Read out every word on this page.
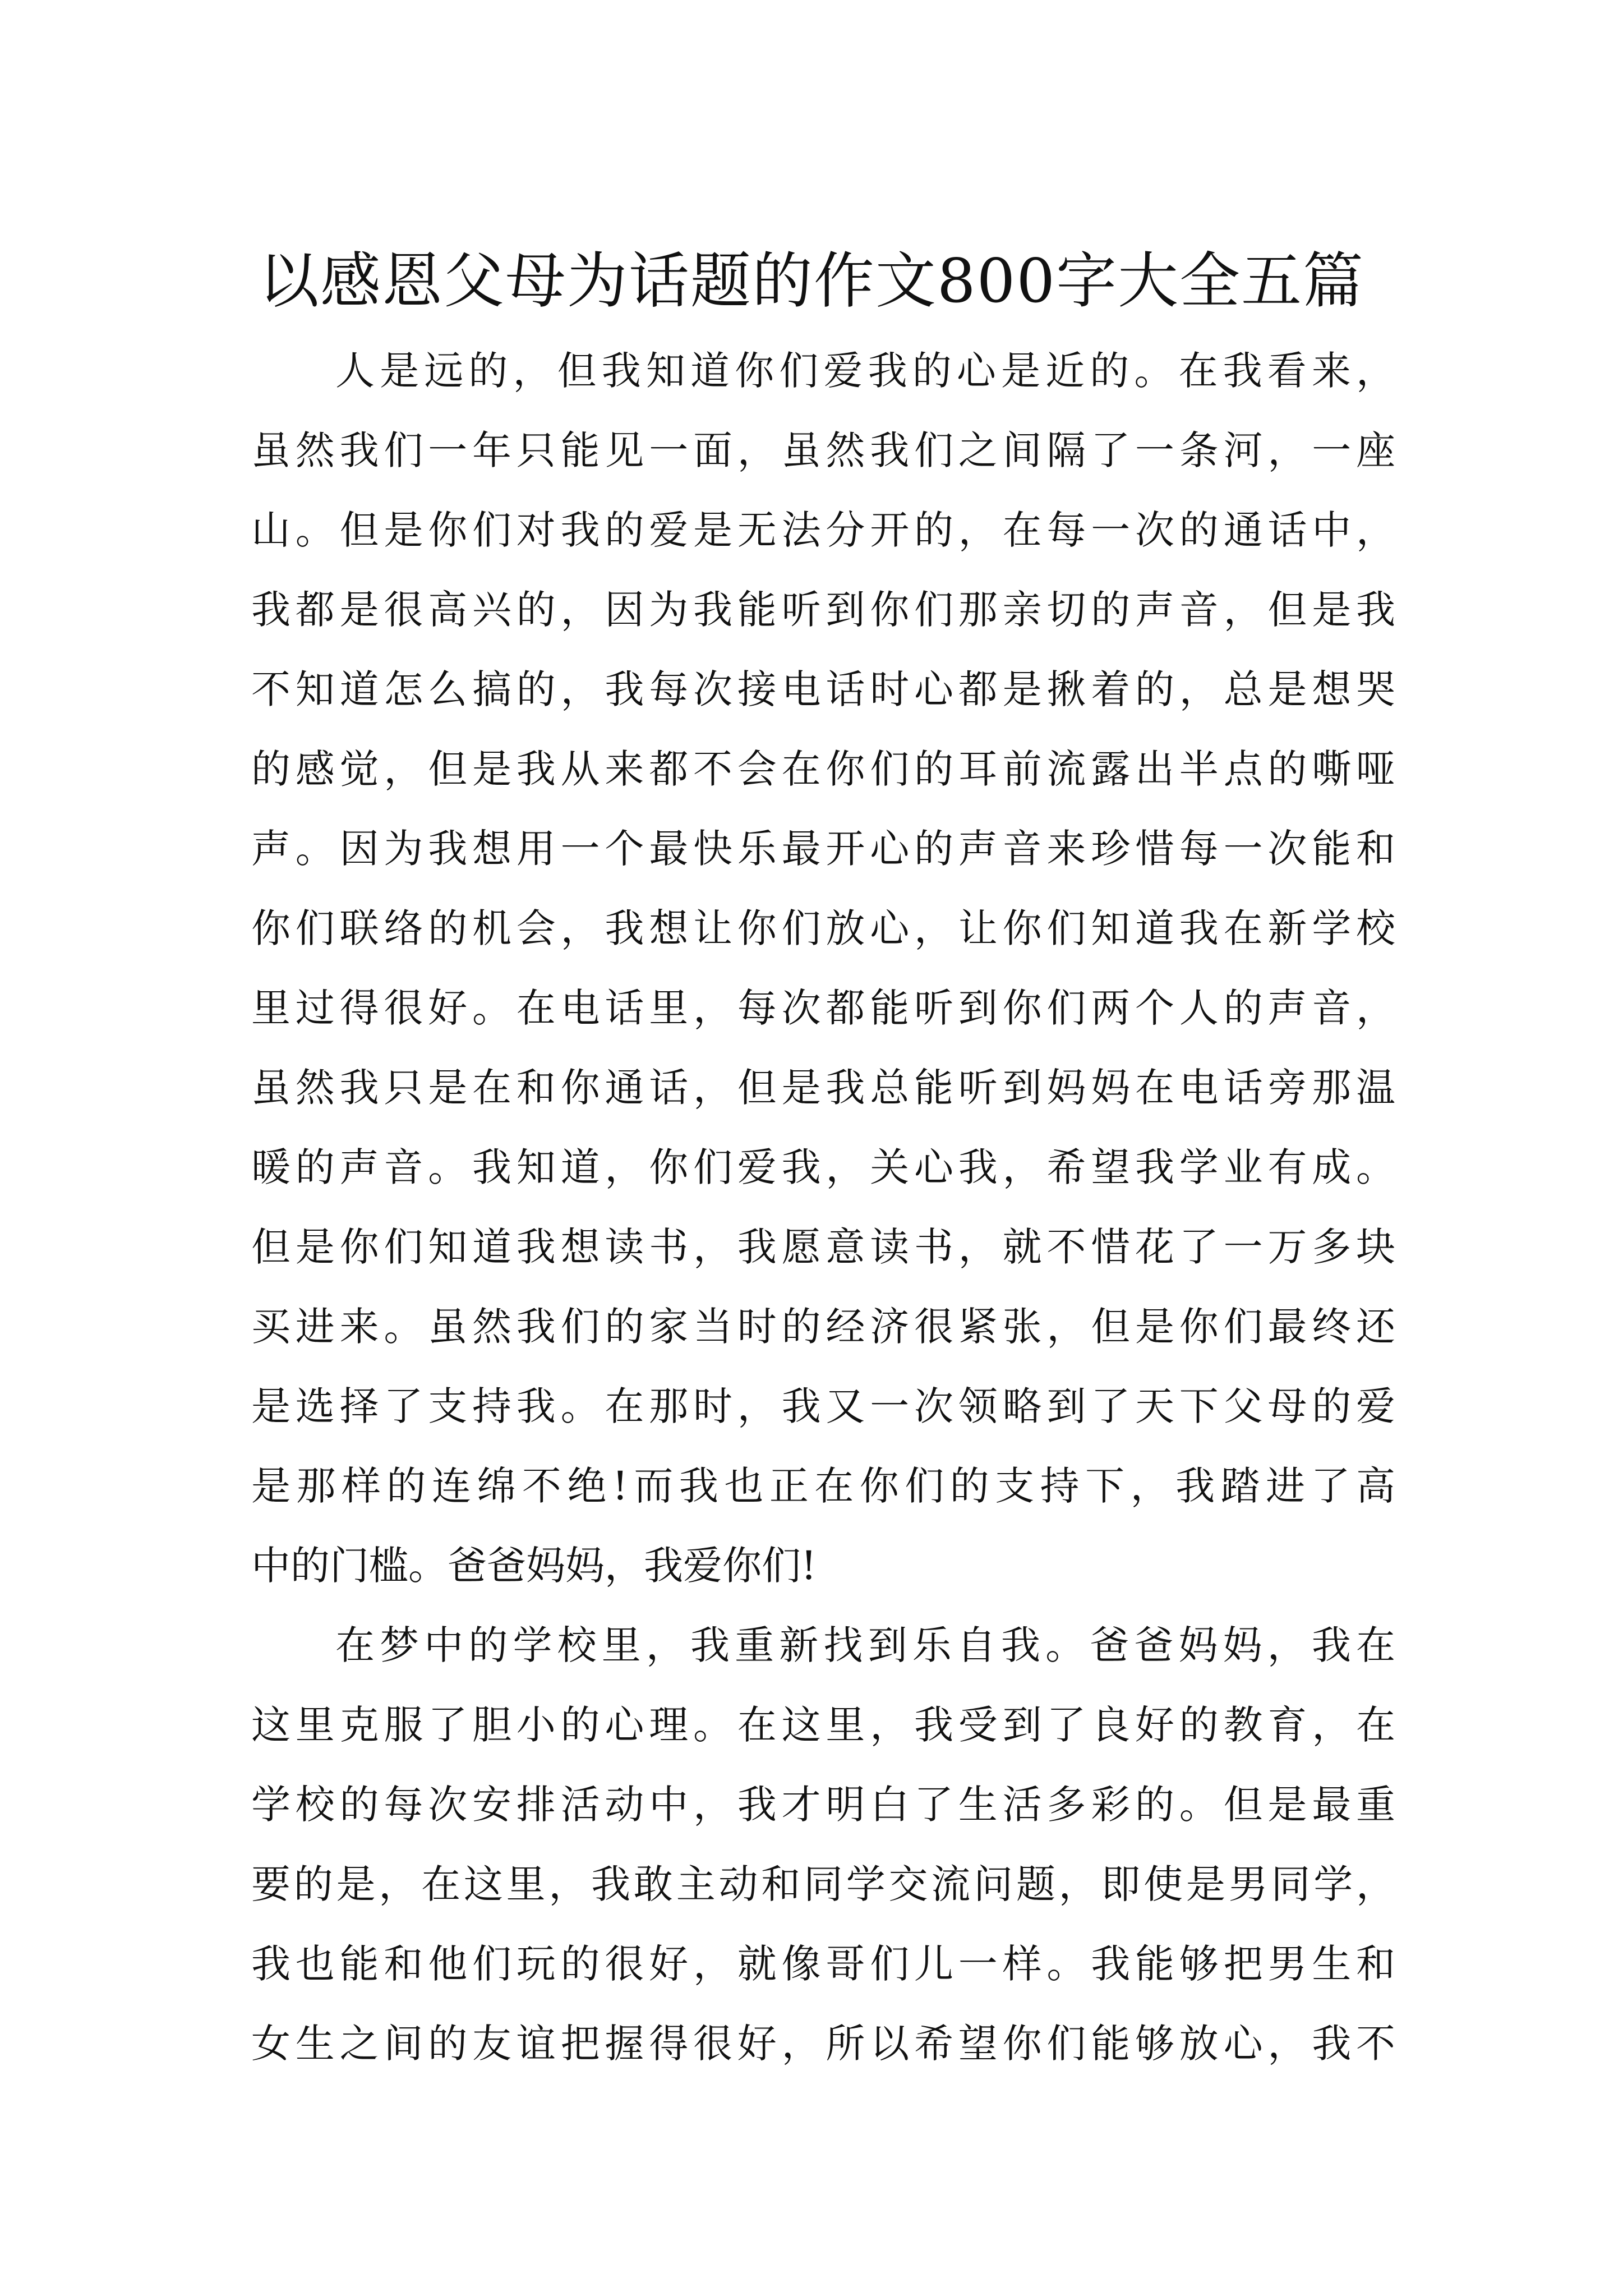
以感恩父母为话题的作文800字大全五篇

人是远的，但我知道你们爱我的心是近的。在我看来，
虽然我们一年只能见一面，虽然我们之间隔了一条河，一座
山。但是你们对我的爱是无法分开的，在每一次的通话中，
我都是很高兴的，因为我能听到你们那亲切的声音，但是我
不知道怎么搞的，我每次接电话时心都是揪着的，总是想哭
的感觉，但是我从来都不会在你们的耳前流露出半点的嘶哑
声。因为我想用一个最快乐最开心的声音来珍惜每一次能和
你们联络的机会，我想让你们放心，让你们知道我在新学校
里过得很好。在电话里，每次都能听到你们两个人的声音，
虽然我只是在和你通话，但是我总能听到妈妈在电话旁那温
暖的声音。我知道，你们爱我，关心我，希望我学业有成。
但是你们知道我想读书，我愿意读书，就不惜花了一万多块
买进来。虽然我们的家当时的经济很紧张，但是你们最终还
是选择了支持我。在那时，我又一次领略到了天下父母的爱
是那样的连绵不绝!而我也正在你们的支持下，我踏进了高
中的门槛。爸爸妈妈，我爱你们!

在梦中的学校里，我重新找到乐自我。爸爸妈妈，我在
这里克服了胆小的心理。在这里，我受到了良好的教育，在
学校的每次安排活动中，我才明白了生活多彩的。但是最重
要的是，在这里，我敢主动和同学交流问题，即使是男同学，
我也能和他们玩的很好，就像哥们儿一样。我能够把男生和
女生之间的友谊把握得很好，所以希望你们能够放心，我不
